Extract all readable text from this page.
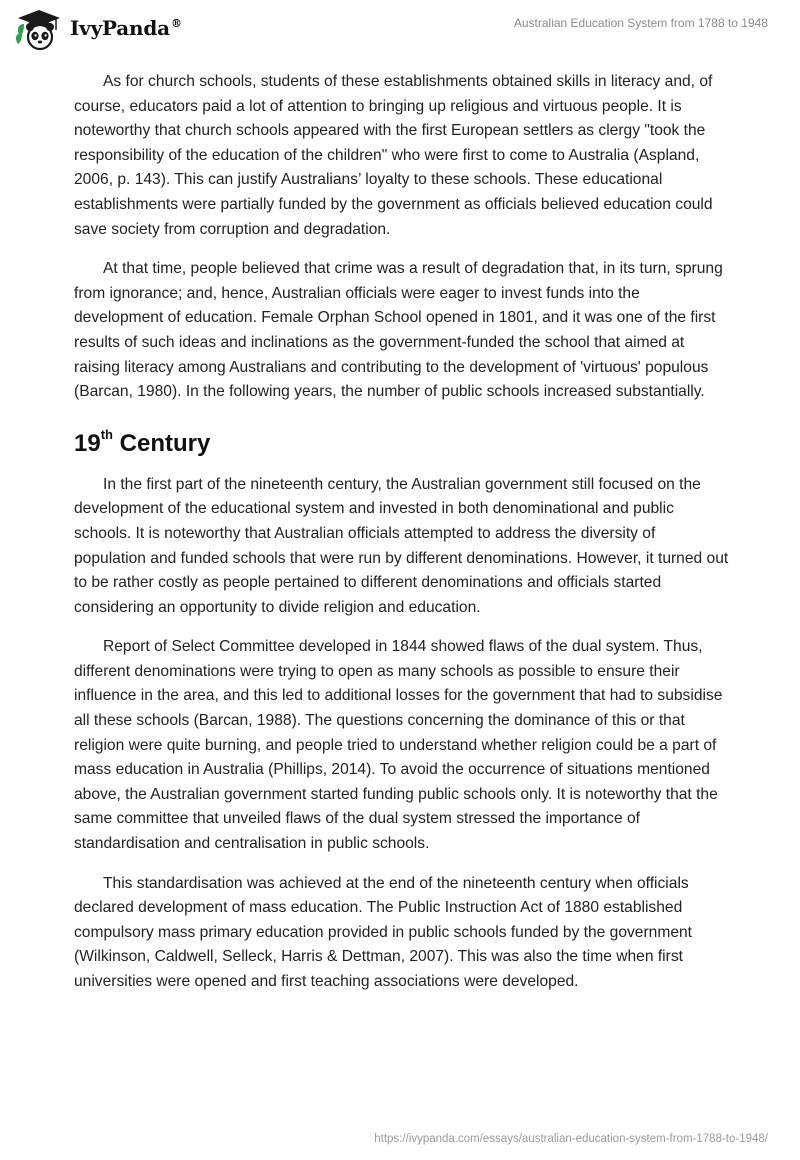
IvyPanda®	Australian Education System from 1788 to 1948

As for church schools, students of these establishments obtained skills in literacy and, of course, educators paid a lot of attention to bringing up religious and virtuous people. It is noteworthy that church schools appeared with the first European settlers as clergy "took the responsibility of the education of the children" who were first to come to Australia (Aspland, 2006, p. 143). This can justify Australians’ loyalty to these schools. These educational establishments were partially funded by the government as officials believed education could save society from corruption and degradation.

At that time, people believed that crime was a result of degradation that, in its turn, sprung from ignorance; and, hence, Australian officials were eager to invest funds into the development of education. Female Orphan School opened in 1801, and it was one of the first results of such ideas and inclinations as the government-funded the school that aimed at raising literacy among Australians and contributing to the development of 'virtuous' populous (Barcan, 1980). In the following years, the number of public schools increased substantially.

19th Century

In the first part of the nineteenth century, the Australian government still focused on the development of the educational system and invested in both denominational and public schools. It is noteworthy that Australian officials attempted to address the diversity of population and funded schools that were run by different denominations. However, it turned out to be rather costly as people pertained to different denominations and officials started considering an opportunity to divide religion and education.

Report of Select Committee developed in 1844 showed flaws of the dual system. Thus, different denominations were trying to open as many schools as possible to ensure their influence in the area, and this led to additional losses for the government that had to subsidise all these schools (Barcan, 1988). The questions concerning the dominance of this or that religion were quite burning, and people tried to understand whether religion could be a part of mass education in Australia (Phillips, 2014). To avoid the occurrence of situations mentioned above, the Australian government started funding public schools only. It is noteworthy that the same committee that unveiled flaws of the dual system stressed the importance of standardisation and centralisation in public schools.

This standardisation was achieved at the end of the nineteenth century when officials declared development of mass education. The Public Instruction Act of 1880 established compulsory mass primary education provided in public schools funded by the government (Wilkinson, Caldwell, Selleck, Harris & Dettman, 2007). This was also the time when first universities were opened and first teaching associations were developed.

https://ivypanda.com/essays/australian-education-system-from-1788-to-1948/
